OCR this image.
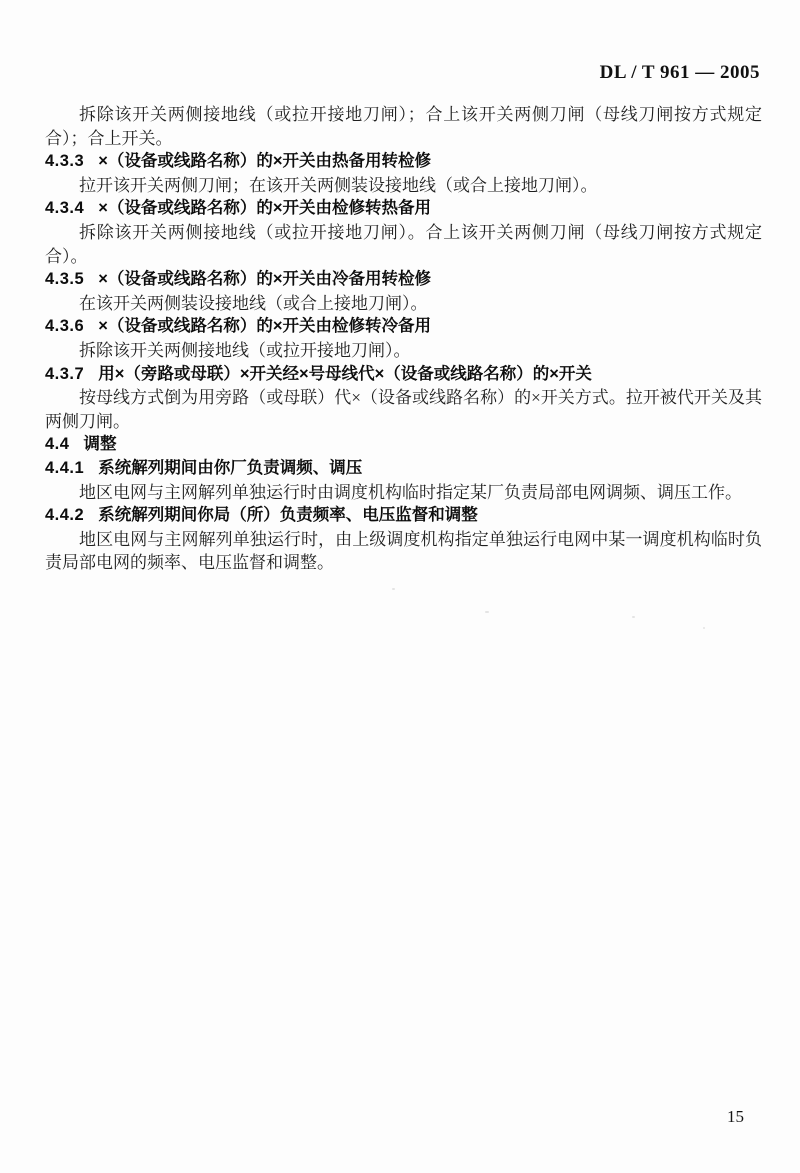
DL / T 961 — 2005

拆除该开关两侧接地线（或拉开接地刀闸）；合上该开关两侧刀闸（母线刀闸按方式规定合）；合上开关。

4.3.3 ×（设备或线路名称）的×开关由热备用转检修

拉开该开关两侧刀闸；在该开关两侧装设接地线（或合上接地刀闸）。

4.3.4 ×（设备或线路名称）的×开关由检修转热备用

拆除该开关两侧接地线（或拉开接地刀闸）。合上该开关两侧刀闸（母线刀闸按方式规定合）。

4.3.5 ×（设备或线路名称）的×开关由冷备用转检修

在该开关两侧装设接地线（或合上接地刀闸）。

4.3.6 ×（设备或线路名称）的×开关由检修转冷备用

拆除该开关两侧接地线（或拉开接地刀闸）。

4.3.7 用×（旁路或母联）×开关经×号母线代×（设备或线路名称）的×开关

按母线方式倒为用旁路（或母联）代×（设备或线路名称）的×开关方式。拉开被代开关及其两侧刀闸。

4.4 调整

4.4.1 系统解列期间由你厂负责调频、调压

地区电网与主网解列单独运行时由调度机构临时指定某厂负责局部电网调频、调压工作。

4.4.2 系统解列期间你局（所）负责频率、电压监督和调整

地区电网与主网解列单独运行时，由上级调度机构指定单独运行电网中某一调度机构临时负责局部电网的频率、电压监督和调整。

15
